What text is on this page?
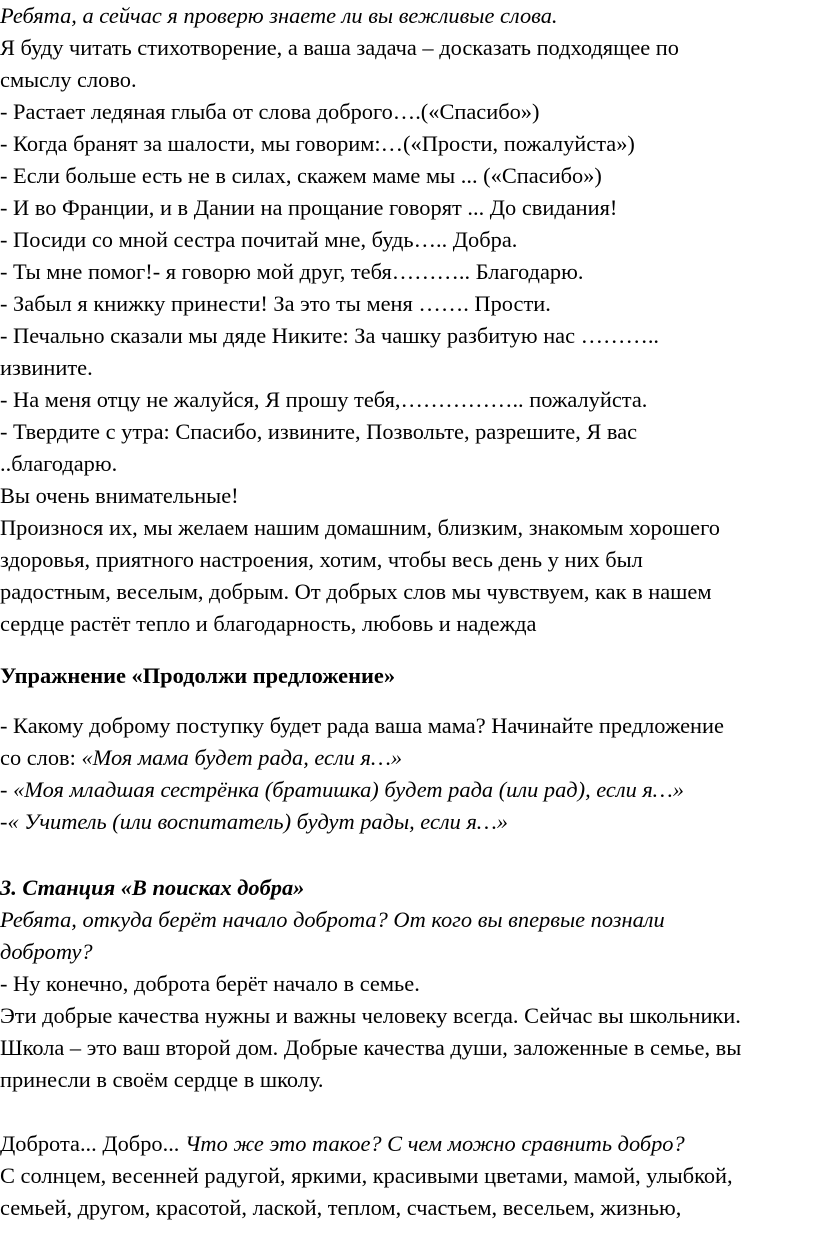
Ребята, а сейчас я проверю знаете ли вы вежливые слова.
Я буду читать стихотворение, а ваша задача – досказать подходящее по
смыслу слово.
- Растает ледяная глыба от слова доброго….(«Спасибо»)
- Когда бранят за шалости, мы говорим:…(«Прости, пожалуйста»)
- Если больше есть не в силах, скажем маме мы ... («Спасибо»)
- И во Франции, и в Дании на прощание говорят ... До свидания!
- Посиди со мной сестра почитай мне, будь….. Добра.
- Ты мне помог!- я говорю мой друг, тебя……….. Благодарю.
- Забыл я книжку принести! За это ты меня ……. Прости.
- Печально сказали мы дяде Никите: За чашку разбитую нас ………..
извините.
- На меня отцу не жалуйся, Я прошу тебя,…………….. пожалуйста.
- Твердите с утра: Спасибо, извините, Позвольте, разрешите, Я вас
..благодарю.
Вы очень внимательные!
Произнося их, мы желаем нашим домашним, близким, знакомым хорошего
здоровья, приятного настроения, хотим, чтобы весь день у них был
радостным, веселым, добрым. От добрых слов мы чувствуем, как в нашем
сердце растёт тепло и благодарность, любовь и надежда
Упражнение «Продолжи предложение»
- Какому доброму поступку будет рада ваша мама? Начинайте предложение
со слов: «Моя мама будет рада, если я…»
- «Моя младшая сестрёнка (братишка) будет рада (или рад), если я…»
-« Учитель (или воспитатель) будут рады, если я…»
3. Станция «В поисках добра»
Ребята, откуда берёт начало доброта? От кого вы впервые познали
доброту?
- Ну конечно, доброта берёт начало в семье.
Эти добрые качества нужны и важны человеку всегда. Сейчас вы школьники.
Школа – это ваш второй дом. Добрые качества души, заложенные в семье, вы
принесли в своём сердце в школу.
Доброта... Добро... Что же это такое? С чем можно сравнить добро?
С солнцем, весенней радугой, яркими, красивыми цветами, мамой, улыбкой,
семьей, другом, красотой, лаской, теплом, счастьем, весельем, жизнью,
